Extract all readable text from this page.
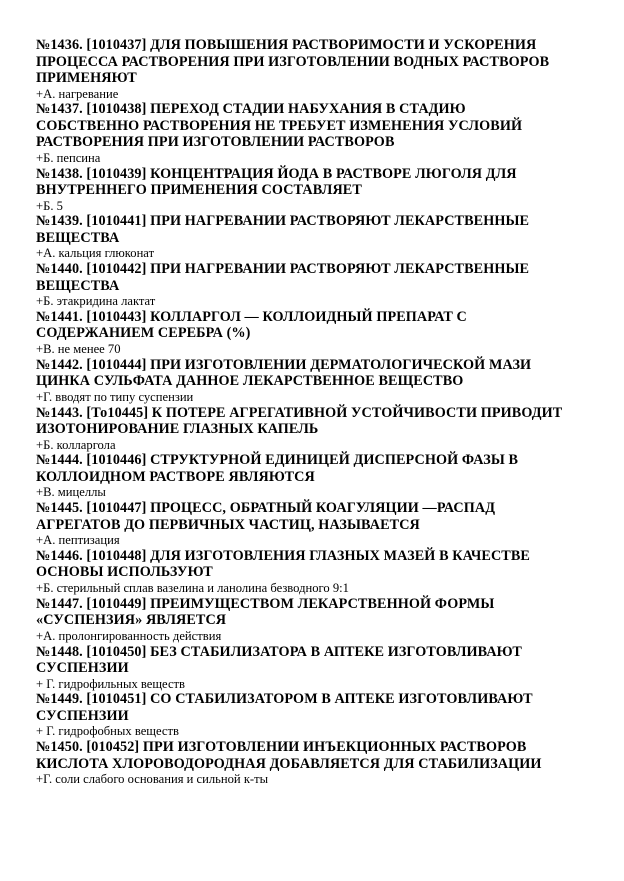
№1436. [1010437] ДЛЯ ПОВЫШЕНИЯ РАСТВОРИМОСТИ И УСКОРЕНИЯ
ПРОЦЕССА РАСТВОРЕНИЯ ПРИ ИЗГОТОВЛЕНИИ ВОДНЫХ РАСТВОРОВ
ПРИМЕНЯЮТ
+А. нагревание
№1437. [1010438] ПЕРЕХОД СТАДИИ НАБУХАНИЯ В СТАДИЮ
СОБСТВЕННО РАСТВОРЕНИЯ НЕ ТРЕБУЕТ ИЗМЕНЕНИЯ УСЛОВИЙ
РАСТВОРЕНИЯ ПРИ ИЗГОТОВЛЕНИИ РАСТВОРОВ
+Б. пепсина
№1438. [1010439] КОНЦЕНТРАЦИЯ ЙОДА В РАСТВОРЕ ЛЮГОЛЯ ДЛЯ
ВНУТРЕННЕГО ПРИМЕНЕНИЯ СОСТАВЛЯЕТ
+Б. 5
№1439. [1010441] ПРИ НАГРЕВАНИИ РАСТВОРЯЮТ ЛЕКАРСТВЕННЫЕ
ВЕЩЕСТВА
+А. кальция глюконат
№1440. [1010442] ПРИ НАГРЕВАНИИ РАСТВОРЯЮТ ЛЕКАРСТВЕННЫЕ
ВЕЩЕСТВА
+Б. этакридина лактат
№1441. [1010443] КОЛЛАРГОЛ — КОЛЛОИДНЫЙ ПРЕПАРАТ С
СОДЕРЖАНИЕМ СЕРЕБРА (%)
+В. не менее 70
№1442. [1010444] ПРИ ИЗГОТОВЛЕНИИ ДЕРМАТОЛОГИЧЕСКОЙ МАЗИ
ЦИНКА СУЛЬФАТА ДАННОЕ ЛЕКАРСТВЕННОЕ ВЕЩЕСТВО
+Г. вводят по типу суспензии
№1443. [То10445] К ПОТЕРЕ АГРЕГАТИВНОЙ УСТОЙЧИВОСТИ ПРИВОДИТ
ИЗОТОНИРОВАНИЕ ГЛАЗНЫХ КАПЕЛЬ
+Б. колларгола
№1444. [1010446] СТРУКТУРНОЙ ЕДИНИЦЕЙ ДИСПЕРСНОЙ ФАЗЫ В
КОЛЛОИДНОМ РАСТВОРЕ ЯВЛЯЮТСЯ
+В. мицеллы
№1445. [1010447] ПРОЦЕСС, ОБРАТНЫЙ КОАГУЛЯЦИИ —РАСПАД
АГРЕГАТОВ ДО ПЕРВИЧНЫХ ЧАСТИЦ, НАЗЫВАЕТСЯ
+А. пептизация
№1446. [1010448] ДЛЯ ИЗГОТОВЛЕНИЯ ГЛАЗНЫХ МАЗЕЙ В КАЧЕСТВЕ
ОСНОВЫ ИСПОЛЬЗУЮТ
+Б. стерильный сплав вазелина и ланолина безводного 9:1
№1447. [1010449] ПРЕИМУЩЕСТВОМ ЛЕКАРСТВЕННОЙ ФОРМЫ
«СУСПЕНЗИЯ» ЯВЛЯЕТСЯ
+А. пролонгированность действия
№1448. [1010450] БЕЗ СТАБИЛИЗАТОРА В АПТЕКЕ ИЗГОТОВЛИВАЮТ
СУСПЕНЗИИ
+ Г. гидрофильных веществ
№1449. [1010451] СО СТАБИЛИЗАТОРОМ В АПТЕКЕ ИЗГОТОВЛИВАЮТ
СУСПЕНЗИИ
+ Г. гидрофобных веществ
№1450. [010452] ПРИ ИЗГОТОВЛЕНИИ ИНЪЕКЦИОННЫХ РАСТВОРОВ
КИСЛОТА ХЛОРОВОДОРОДНАЯ ДОБАВЛЯЕТСЯ ДЛЯ СТАБИЛИЗАЦИИ
+Г. соли слабого основания и сильной к-ты
